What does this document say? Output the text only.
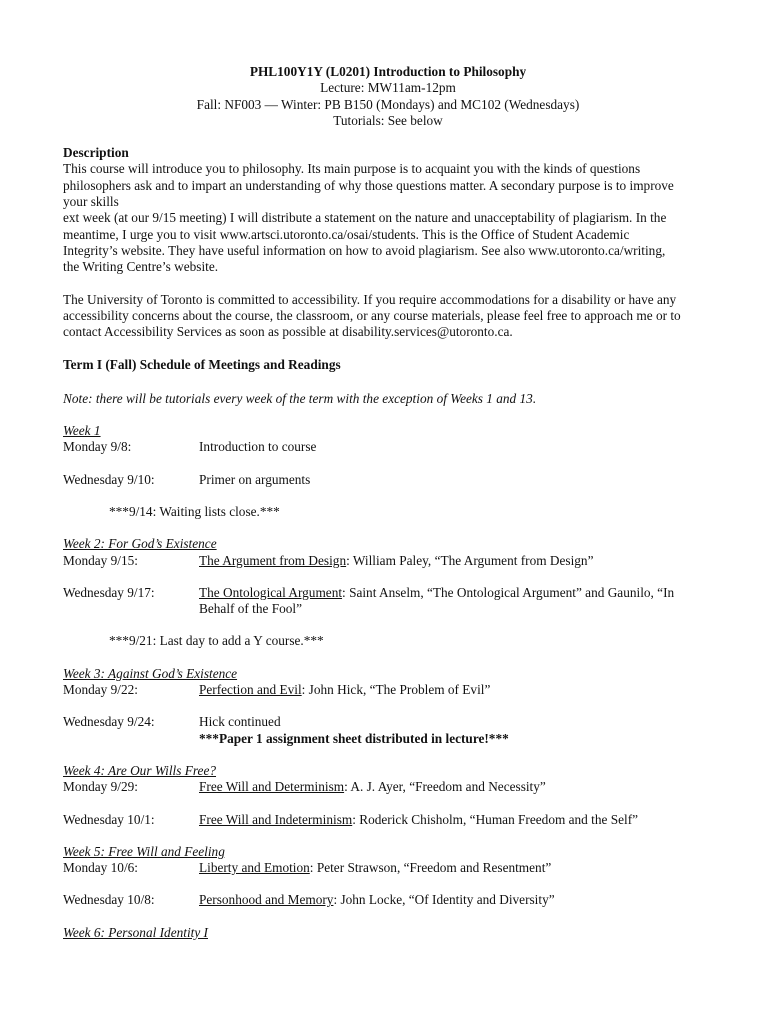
PHL100Y1Y (L0201) Introduction to Philosophy
Lecture: MW11am-12pm
Fall: NF003 — Winter: PB B150 (Mondays) and MC102 (Wednesdays)
Tutorials: See below
Description
This course will introduce you to philosophy. Its main purpose is to acquaint you with the kinds of questions
philosophers ask and to impart an understanding of why those questions matter. A secondary purpose is to improve
your skills
ext week (at our 9/15 meeting) I will distribute a statement on the nature and unacceptability of plagiarism. In the
meantime, I urge you to visit www.artsci.utoronto.ca/osai/students. This is the Office of Student Academic
Integrity’s website. They have useful information on how to avoid plagiarism. See also www.utoronto.ca/writing,
the Writing Centre’s website.
The University of Toronto is committed to accessibility. If you require accommodations for a disability or have any
accessibility concerns about the course, the classroom, or any course materials, please feel free to approach me or to
contact Accessibility Services as soon as possible at disability.services@utoronto.ca.
Term I (Fall) Schedule of Meetings and Readings
Note: there will be tutorials every week of the term with the exception of Weeks 1 and 13.
Week 1
Monday 9/8:	Introduction to course
Wednesday 9/10:	Primer on arguments
***9/14: Waiting lists close.***
Week 2: For God’s Existence
Monday 9/15:	The Argument from Design: William Paley, “The Argument from Design”
Wednesday 9/17:	The Ontological Argument: Saint Anselm, “The Ontological Argument” and Gaunilo, “In
Behalf of the Fool”
***9/21: Last day to add a Y course.***
Week 3: Against God’s Existence
Monday 9/22:	Perfection and Evil: John Hick, “The Problem of Evil”
Wednesday 9/24:	Hick continued
***Paper 1 assignment sheet distributed in lecture!***
Week 4: Are Our Wills Free?
Monday 9/29:	Free Will and Determinism: A. J. Ayer, “Freedom and Necessity”
Wednesday 10/1:	Free Will and Indeterminism: Roderick Chisholm, “Human Freedom and the Self”
Week 5: Free Will and Feeling
Monday 10/6:	Liberty and Emotion: Peter Strawson, “Freedom and Resentment”
Wednesday 10/8:	Personhood and Memory: John Locke, “Of Identity and Diversity”
Week 6: Personal Identity I
